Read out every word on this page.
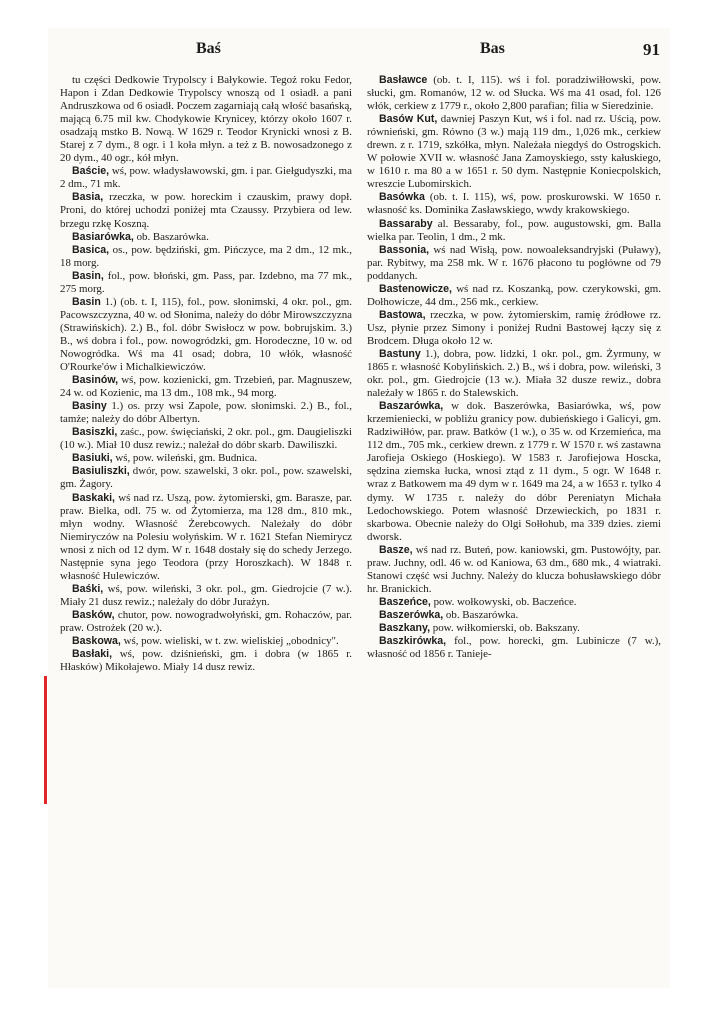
Baś	Bas	91

tu części Dedkowie Trypolscy i Bałykowie. Tegoż roku Fedor, Hapon i Zdan Dedkowie Trypolscy wnoszą od 1 osiadł. a pani Andruszkowa od 6 osiadł. Poczem zagarniają całą włość basańską, mającą 6.75 mil kw. Chodykowie Krynicey, którzy około 1607 r. osadzają mstko B. Nową. W 1629 r. Teodor Krynicki wnosi z B. Starej z 7 dym., 8 ogr. i 1 koła młyn. a też z B. nowosadzonego z 20 dym., 40 ogr., kół młyn.

Baście, wś, pow. władysławowski, gm. i par. Giełgudyszki, ma 2 dm., 71 mk.

Basia, rzeczka, w pow. horeckim i czauskim, prawy dopł. Proni, do której uchodzi poniżej mta Czaussy. Przybiera od lew. brzegu rzkę Koszną.

Basiarówka, ob. Baszarówka.

Basica, os., pow. będziński, gm. Pińczyce, ma 2 dm., 12 mk., 18 morg.

Basin, fol., pow. błoński, gm. Pass, par. Izdebno, ma 77 mk., 275 morg.

Basin 1.) (ob. t. I, 115), fol., pow. słonimski, 4 okr. pol., gm. Pacowszczyzna, 40 w. od Słonima, należy do dóbr Mirowszczyzna (Strawińskich). 2.) B., fol. dóbr Swisłocz w pow. bobrujskim. 3.) B., wś dobra i fol., pow. nowogródzki, gm. Horodeczne, 10 w. od Nowogródka. Wś ma 41 osad; dobra, 10 włók, własność O'Rourke'ów i Michalkiewiczów.

Basinów, wś, pow. kozienicki, gm. Trzebień, par. Magnuszew, 24 w. od Kozienic, ma 13 dm., 108 mk., 94 morg.

Basiny 1.) os. przy wsi Zapole, pow. słonimski. 2.) B., fol., tamże; należy do dóbr Albertyn.

Basiszki, zaśc., pow. święciański, 2 okr. pol., gm. Daugieliszki (10 w.). Miał 10 dusz rewiz.; należał do dóbr skarb. Dawiliszki.

Basiuki, wś, pow. wileński, gm. Budnica.

Basiuliszki, dwór, pow. szawelski, 3 okr. pol., pow. szawelski, gm. Żagory.

Baskaki, wś nad rz. Uszą, pow. żytomierski, gm. Barasze, par. praw. Bielka, odl. 75 w. od Żytomierza, ma 128 dm., 810 mk., młyn wodny. Własność Żerebcowych. Należały do dóbr Niemiryczów na Polesiu wołyńskim. W r. 1621 Stefan Niemirycz wnosi z nich od 12 dym. W r. 1648 dostały się do schedy Jerzego. Następnie syna jego Teodora (przy Horoszkach). W 1848 r. własność Hulewiczów.

Baśki, wś, pow. wileński, 3 okr. pol., gm. Giedrojcie (7 w.). Miały 21 dusz rewiz.; należały do dóbr Jurażyn.

Basków, chutor, pow. nowogradwołyński, gm. Rohaczów, par. praw. Ostrożek (20 w.).

Baskowa, wś, pow. wieliski, w t. zw. wieliskiej „obodnicy".

Basłaki, wś, pow. dziśnieński, gm. i dobra (w 1865 r. Hłasków) Mikołajewo. Miały 14 dusz rewiz.

Basławce (ob. t. I, 115). wś i fol. poradziwiłłowski, pow. słucki, gm. Romanów, 12 w. od Słucka. Wś ma 41 osad, fol. 126 włók, cerkiew z 1779 r., około 2,800 parafian; filia w Sieredzinie.

Basów Kut, dawniej Paszyn Kut, wś i fol. nad rz. Uścią, pow. równieński, gm. Równo (3 w.) mają 119 dm., 1,026 mk., cerkiew drewn. z r. 1719, szkółka, młyn. Należała niegdyś do Ostrogskich. W połowie XVII w. własność Jana Zamoyskiego, ssty kałuskiego, w 1610 r. ma 80 a w 1651 r. 50 dym. Następnie Koniecpolskich, wreszcie Lubomirskich.

Basówka (ob. t. I. 115), wś, pow. proskurowski. W 1650 r. własność ks. Dominika Zasławskiego, wwdy krakowskiego.

Bassaraby al. Bessaraby, fol., pow. augustowski, gm. Balla wielka par. Teolin, 1 dm., 2 mk.

Bassonia, wś nad Wisłą, pow. nowoaleksandryjski (Puławy), par. Rybitwy, ma 258 mk. W r. 1676 płacono tu pogłówne od 79 poddanych.

Bastenowicze, wś nad rz. Koszanką, pow. czerykowski, gm. Dołhowicze, 44 dm., 256 mk., cerkiew.

Bastowa, rzeczka, w pow. żytomierskim, ramię źródłowe rz. Usz, płynie przez Simony i poniżej Rudni Bastowej łączy się z Brodcem. Długa około 12 w.

Bastuny 1.), dobra, pow. lidzki, 1 okr. pol., gm. Żyrmuny, w 1865 r. własność Kobylińskich. 2.) B., wś i dobra, pow. wileński, 3 okr. pol., gm. Giedrojcie (13 w.). Miała 32 dusze rewiz., dobra należały w 1865 r. do Stalewskich.

Baszarówka, w dok. Baszerówka, Basiarówka, wś, pow krzemieniecki, w pobliżu granicy pow. dubieńskiego i Galicyi, gm. Radziwiłłów, par. praw. Batków (1 w.), o 35 w. od Krzemieńca, ma 112 dm., 705 mk., cerkiew drewn. z 1779 r. W 1570 r. wś zastawna Jarofieja Oskiego (Hoskiego). W 1583 r. Jarofiejowa Hoscka, sędzina ziemska łucka, wnosi ztąd z 11 dym., 5 ogr. W 1648 r. wraz z Batkowem ma 49 dym w r. 1649 ma 24, a w 1653 r. tylko 4 dymy. W 1735 r. należy do dóbr Pereniatyn Michała Ledochowskiego. Potem własność Drzewieckich, po 1831 r. skarbowa. Obecnie należy do Olgi Sołłohub, ma 339 dzies. ziemi dworsk.

Basze, wś nad rz. Buteń, pow. kaniowski, gm. Pustowójty, par. praw. Juchny, odl. 46 w. od Kaniowa, 63 dm., 680 mk., 4 wiatraki. Stanowi część wsi Juchny. Należy do klucza bohusławskiego dóbr hr. Branickich.

Baszeńce, pow. wołkowyski, ob. Baczeńce.

Baszerówka, ob. Baszarówka.

Baszkany, pow. wiłkomierski, ob. Bakszany.

Baszkirówka, fol., pow. horecki, gm. Lubinicze (7 w.), własność od 1856 r. Tanieje-
